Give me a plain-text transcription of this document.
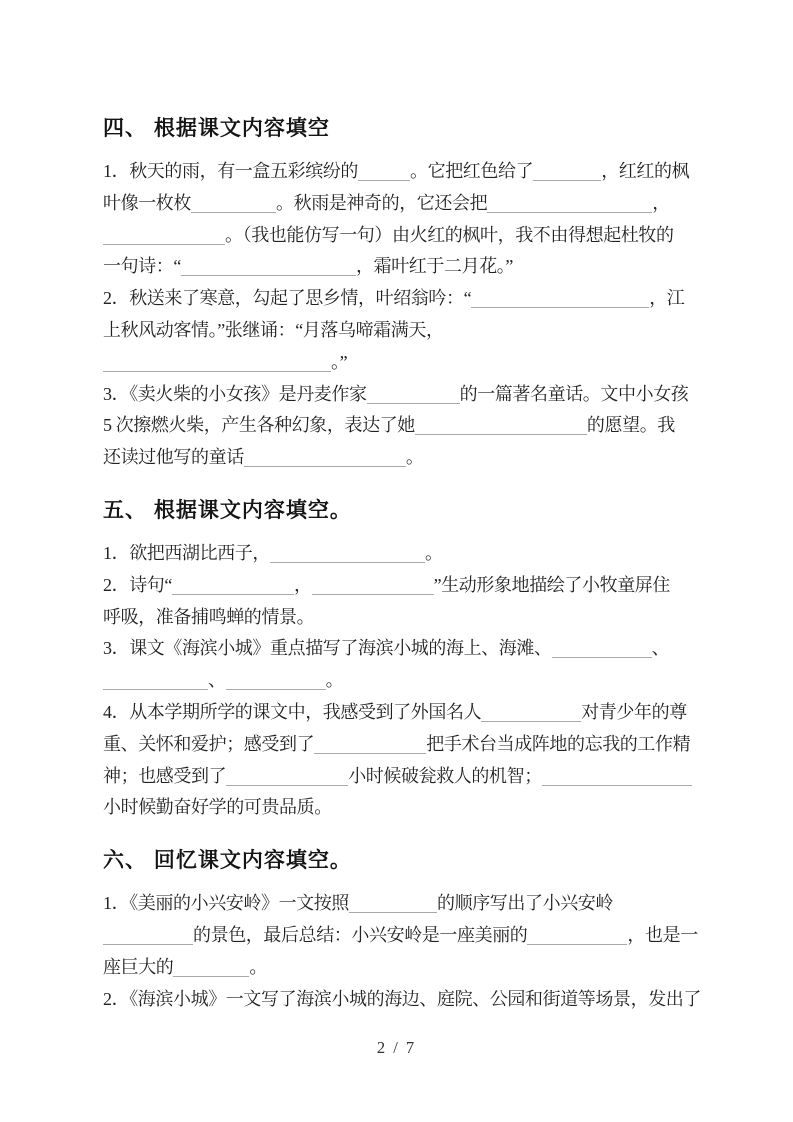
四、 根据课文内容填空

1．秋天的雨，有一盒五彩缤纷的	。它把红色给了	，红红的枫

叶像一枚枚	。秋雨是神奇的，它还会把	，

。（我也能仿写一句）由火红的枫叶，我不由得想起杜牧的

一句诗：“	，霜叶红于二月花。”

2．秋送来了寒意，勾起了思乡情，叶绍翁吟：“	，江

上秋风动客情。”张继诵：“月落乌啼霜满天，

。”

3．《卖火柴的小女孩》是丹麦作家	的一篇著名童话。文中小女孩

5 次擦燃火柴，产生各种幻象，表达了她	的愿望。我

还读过他写的童话	。

五、 根据课文内容填空。

1．欲把西湖比西子，	。

2．诗句“	，	”生动形象地描绘了小牧童屏住

呼吸，准备捕鸣蝉的情景。

3．课文《海滨小城》重点描写了海滨小城的海上、海滩、	、

、	。

4．从本学期所学的课文中，我感受到了外国名人	对青少年的尊

重、关怀和爱护；感受到了	把手术台当成阵地的忘我的工作精

神；也感受到了	小时候破瓮救人的机智；

小时候勤奋好学的可贵品质。

六、 回忆课文内容填空。

1．《美丽的小兴安岭》一文按照	的顺序写出了小兴安岭

的景色，最后总结：小兴安岭是一座美丽的	，也是一

座巨大的	。

2．《海滨小城》一文写了海滨小城的海边、庭院、公园和街道等场景，发出了

2 / 7
